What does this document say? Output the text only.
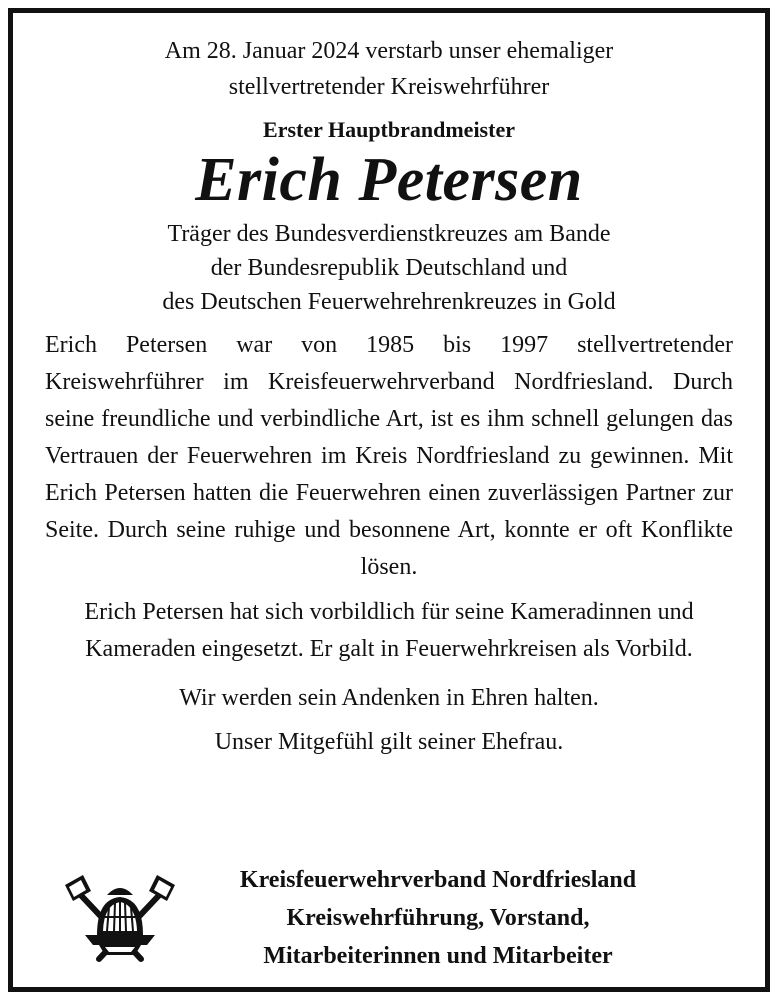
Am 28. Januar 2024 verstarb unser ehemaliger
stellvertretender Kreiswehrführer

Erster Hauptbrandmeister

Erich Petersen

Träger des Bundesverdienstkreuzes am Bande
der Bundesrepublik Deutschland und
des Deutschen Feuerwehrehrenkreuzes in Gold

Erich Petersen war von 1985 bis 1997 stellvertretender Kreiswehrführer im Kreisfeuerwehrverband Nordfriesland. Durch seine freundliche und verbindliche Art, ist es ihm schnell gelungen das Vertrauen der Feuerwehren im Kreis Nordfriesland zu gewinnen. Mit Erich Petersen hatten die Feuerwehren einen zuverlässigen Partner zur Seite. Durch seine ruhige und besonnene Art, konnte er oft Konflikte lösen.

Erich Petersen hat sich vorbildlich für seine Kameradinnen und Kameraden eingesetzt. Er galt in Feuerwehrkreisen als Vorbild.

Wir werden sein Andenken in Ehren halten.

Unser Mitgefühl gilt seiner Ehefrau.

Kreisfeuerwehrverband Nordfriesland
Kreiswehrführung, Vorstand,
Mitarbeiterinnen und Mitarbeiter
